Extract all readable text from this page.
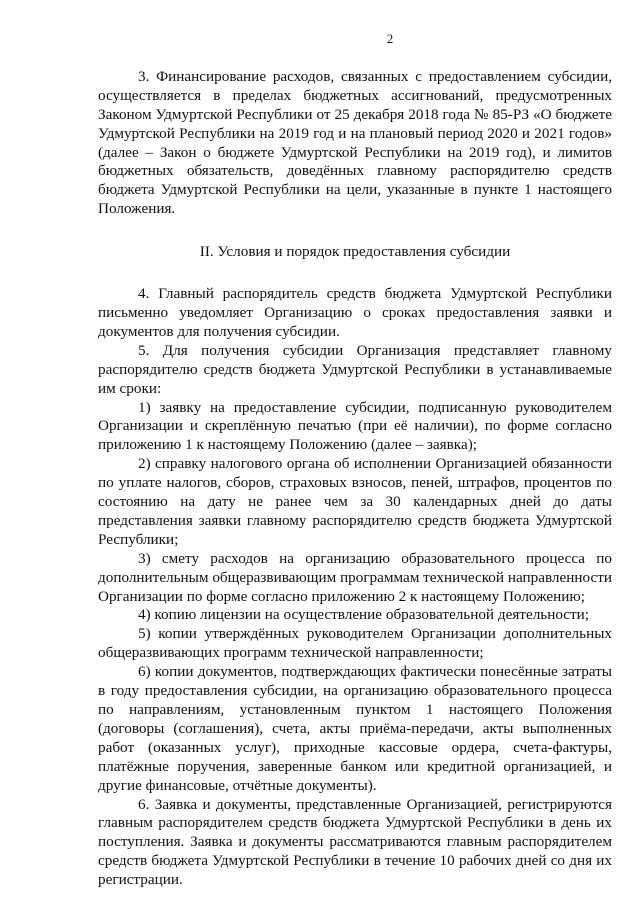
2

3. Финансирование расходов, связанных с предоставлением субсидии, осуществляется в пределах бюджетных ассигнований, предусмотренных Законом Удмуртской Республики от 25 декабря 2018 года № 85-РЗ «О бюджете Удмуртской Республики на 2019 год и на плановый период 2020 и 2021 годов» (далее – Закон о бюджете Удмуртской Республики на 2019 год), и лимитов бюджетных обязательств, доведённых главному распорядителю средств бюджета Удмуртской Республики на цели, указанные в пункте 1 настоящего Положения.

II. Условия и порядок предоставления субсидии

4. Главный распорядитель средств бюджета Удмуртской Республики письменно уведомляет Организацию о сроках предоставления заявки и документов для получения субсидии.

5. Для получения субсидии Организация представляет главному распорядителю средств бюджета Удмуртской Республики в устанавливаемые им сроки:

1) заявку на предоставление субсидии, подписанную руководителем Организации и скреплённую печатью (при её наличии), по форме согласно приложению 1 к настоящему Положению (далее – заявка);

2) справку налогового органа об исполнении Организацией обязанности по уплате налогов, сборов, страховых взносов, пеней, штрафов, процентов по состоянию на дату не ранее чем за 30 календарных дней до даты представления заявки главному распорядителю средств бюджета Удмуртской Республики;

3) смету расходов на организацию образовательного процесса по дополнительным общеразвивающим программам технической направленности Организации по форме согласно приложению 2 к настоящему Положению;

4) копию лицензии на осуществление образовательной деятельности;

5) копии утверждённых руководителем Организации дополнительных общеразвивающих программ технической направленности;

6) копии документов, подтверждающих фактически понесённые затраты в году предоставления субсидии, на организацию образовательного процесса по направлениям, установленным пунктом 1 настоящего Положения (договоры (соглашения), счета, акты приёма-передачи, акты выполненных работ (оказанных услуг), приходные кассовые ордера, счета-фактуры, платёжные поручения, заверенные банком или кредитной организацией, и другие финансовые, отчётные документы).

6. Заявка и документы, представленные Организацией, регистрируются главным распорядителем средств бюджета Удмуртской Республики в день их поступления. Заявка и документы рассматриваются главным распорядителем средств бюджета Удмуртской Республики в течение 10 рабочих дней со дня их регистрации.
